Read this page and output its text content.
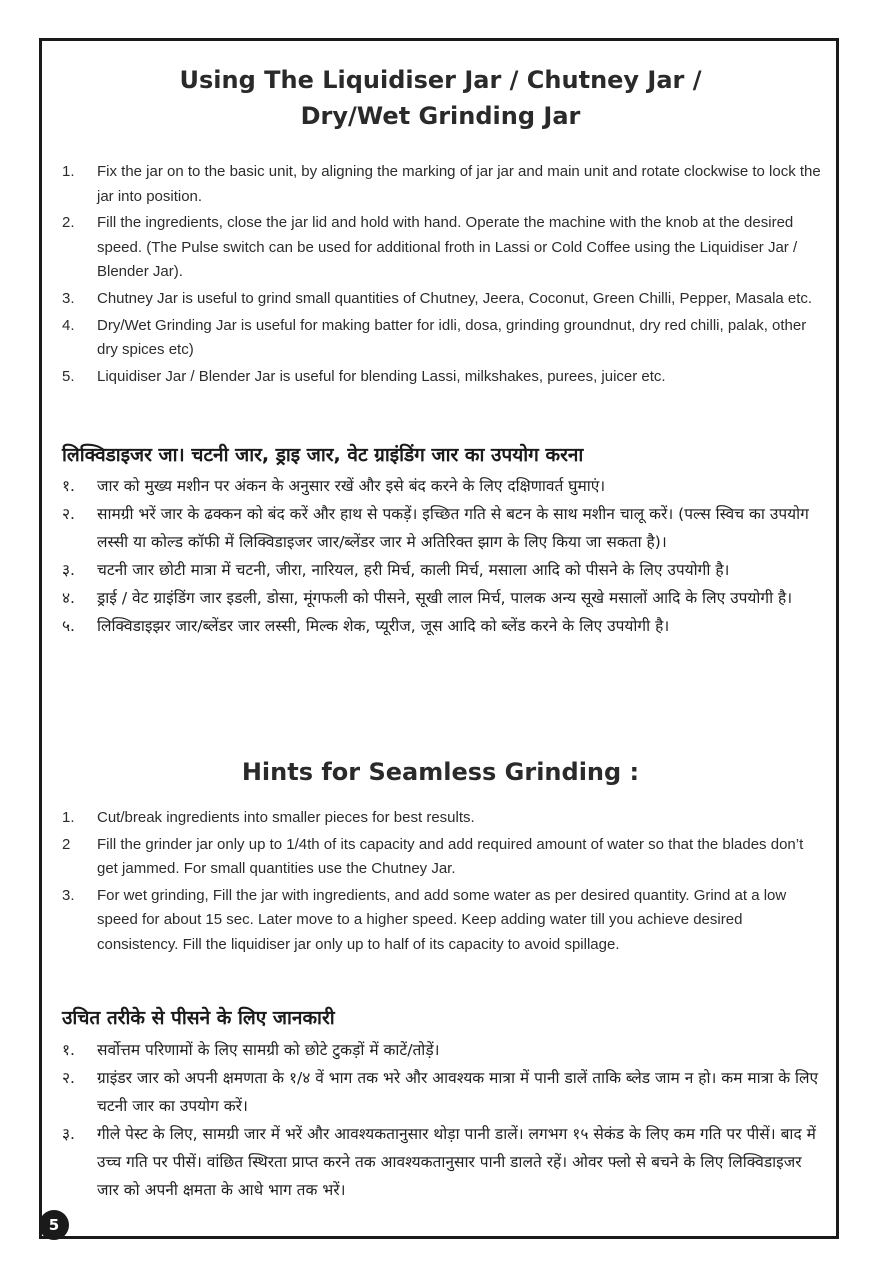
Using The Liquidiser Jar / Chutney Jar /
Dry/Wet Grinding Jar
1.	Fix the jar on to the basic unit, by aligning the marking of jar jar and main unit and rotate clockwise to lock the jar into position.
2.	Fill the ingredients, close the jar lid and hold with hand. Operate the machine with the knob at the desired speed. (The Pulse switch can be used for additional froth in Lassi or Cold Coffee using the Liquidiser Jar / Blender Jar).
3.	Chutney Jar is useful to grind small quantities of Chutney, Jeera, Coconut, Green Chilli, Pepper, Masala etc.
4.	Dry/Wet Grinding Jar is useful for making batter for idli, dosa, grinding groundnut, dry red chilli, palak, other dry spices etc)
5.	Liquidiser Jar / Blender Jar is useful for blending Lassi, milkshakes, purees, juicer etc.
लिक्विडाइजर जा। चटनी जार, ड्राइ जार, वेट ग्राइंडिंग जार का उपयोग करना
१.	जार को मुख्य मशीन पर अंकन के अनुसार रखें और इसे बंद करने के लिए दक्षिणावर्त घुमाएं।
२.	सामग्री भरें जार के ढक्कन को बंद करें और हाथ से पकड़ें। इच्छित गति से बटन के साथ मशीन चालू करें। (पल्स स्विच का उपयोग लस्सी या कोल्ड कॉफी में लिक्विडाइजर जार/ब्लेंडर जार मे अतिरिक्त झाग के लिए किया जा सकता है)।
३.	चटनी जार छोटी मात्रा में चटनी, जीरा, नारियल, हरी मिर्च, काली मिर्च, मसाला आदि को पीसने के लिए उपयोगी है।
४.	ड्राई / वेट ग्राइंडिंग जार इडली, डोसा, मूंगफली को पीसने, सूखी लाल मिर्च, पालक अन्य सूखे मसालों आदि के लिए उपयोगी है।
५.	लिक्विडाइझर जार/ब्लेंडर जार लस्सी, मिल्क शेक, प्यूरीज, जूस आदि को ब्लेंड करने के लिए उपयोगी है।
Hints for Seamless Grinding :
1.	Cut/break ingredients into smaller pieces for best results.
2	Fill the grinder jar only up to 1/4th of its capacity and add required amount of water so that the blades don’t get jammed. For small quantities use the Chutney Jar.
3.	For wet grinding, Fill the jar with ingredients, and add some water as per desired quantity. Grind at a low speed for about 15 sec. Later move to a higher speed. Keep adding water till you achieve desired consistency. Fill the liquidiser jar only up to half of its capacity to avoid spillage.
उचित तरीके से पीसने के लिए जानकारी
१.	सर्वोत्तम परिणामों के लिए सामग्री को छोटे टुकड़ों में काटें/तोड़ें।
२.	ग्राइंडर जार को अपनी क्षमणता के १/४ वें भाग तक भरे और आवश्यक मात्रा में पानी डालें ताकि ब्लेड जाम न हो। कम मात्रा के लिए चटनी जार का उपयोग करें।
३.	गीले पेस्ट के लिए, सामग्री जार में भरें और आवश्यकतानुसार थोड़ा पानी डालें। लगभग १५ सेकंड के लिए कम गति पर पीसें। बाद में उच्च गति पर पीसें। वांछित स्थिरता प्राप्त करने तक आवश्यकतानुसार पानी डालते रहें। ओवर फ्लो से बचने के लिए लिक्विडाइजर जार को अपनी क्षमता के आधे भाग तक भरें।
5
